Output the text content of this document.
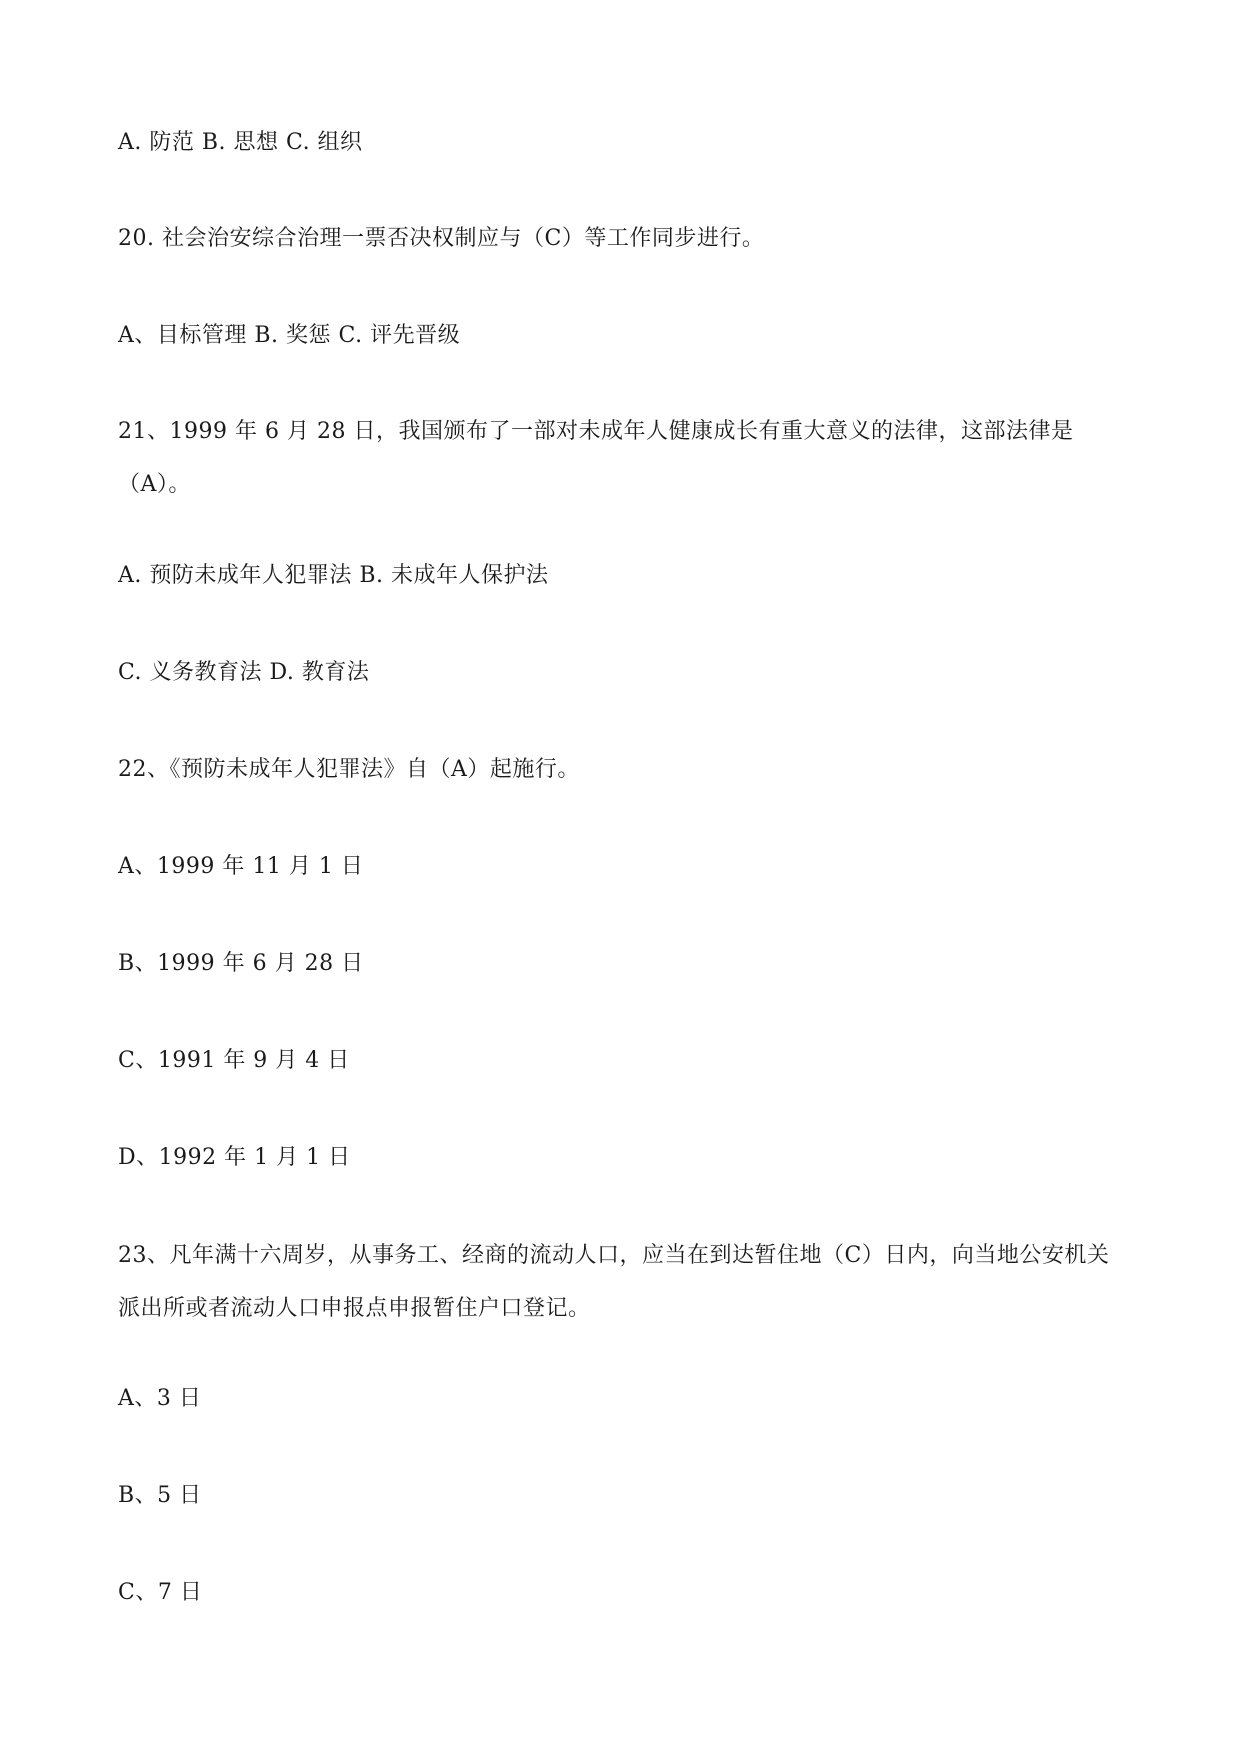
A. 防范 B. 思想 C. 组织
20. 社会治安综合治理一票否决权制应与（C）等工作同步进行。
A、目标管理 B. 奖惩 C. 评先晋级
21、1999 年 6 月 28 日，我国颁布了一部对未成年人健康成长有重大意义的法律，这部法律是（A）。
A. 预防未成年人犯罪法 B. 未成年人保护法
C. 义务教育法 D. 教育法
22、《预防未成年人犯罪法》自（A）起施行。
A、1999 年 11 月 1 日
B、1999 年 6 月 28 日
C、1991 年 9 月 4 日
D、1992 年 1 月 1 日
23、凡年满十六周岁，从事务工、经商的流动人口，应当在到达暂住地（C）日内，向当地公安机关派出所或者流动人口申报点申报暂住户口登记。
A、3 日
B、5 日
C、7 日
